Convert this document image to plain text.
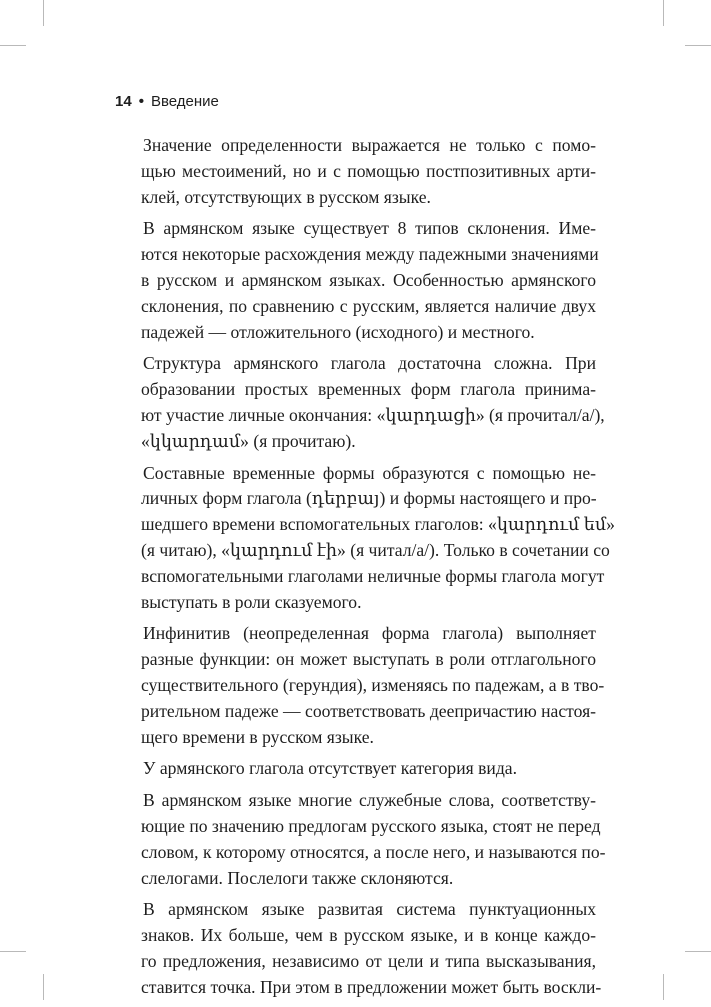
14 • Введение

Значение определенности выражается не только с помо-
щью местоимений, но и с помощью постпозитивных арти-
клей, отсутствующих в русском языке.

В армянском языке существует 8 типов склонения. Име-
ются некоторые расхождения между падежными значениями
в русском и армянском языках. Особенностью армянского
склонения, по сравнению с русским, является наличие двух
падежей — отложительного (исходного) и местного.

Структура армянского глагола достаточна сложна. При
образовании простых временных форм глагола принима-
ют участие личные окончания: «կարդացի» (я прочитал/а/),
«կկարդամ» (я прочитаю).

Составные временные формы образуются с помощью не-
личных форм глагола (դերբայ) и формы настоящего и про-
шедшего времени вспомогательных глаголов: «կարդում եմ»
(я читаю), «կարդում էի» (я читал/а/). Только в сочетании со
вспомогательными глаголами неличные формы глагола могут
выступать в роли сказуемого.

Инфинитив (неопределенная форма глагола) выполняет
разные функции: он может выступать в роли отглагольного
существительного (герундия), изменяясь по падежам, а в тво-
рительном падеже — соответствовать деепричастию настоя-
щего времени в русском языке.

У армянского глагола отсутствует категория вида.

В армянском языке многие служебные слова, соответству-
ющие по значению предлогам русского языка, стоят не перед
словом, к которому относятся, а после него, и называются по-
слелогами. Послелоги также склоняются.

В армянском языке развитая система пунктуационных
знаков. Их больше, чем в русском языке, и в конце каждо-
го предложения, независимо от цели и типа высказывания,
ставится точка. При этом в предложении может быть воскли-
